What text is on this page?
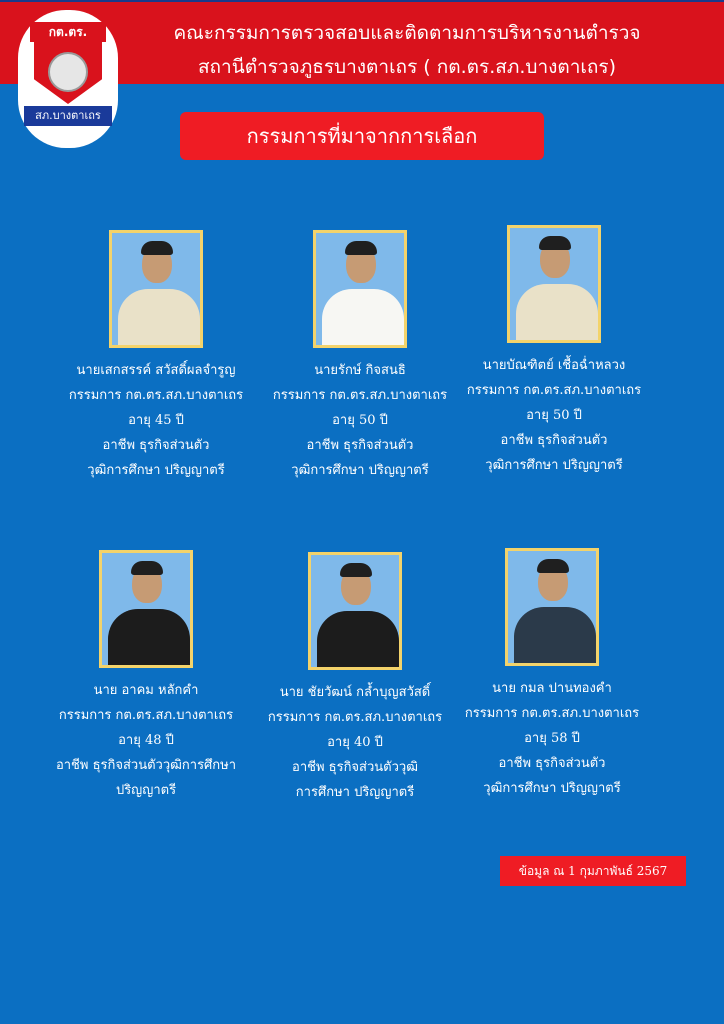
คณะกรรมการตรวจสอบและติดตามการบริหารงานตำรวจ
สถานีตำรวจภูธรบางตาเถร ( กต.ตร.สภ.บางตาเถร)
กต.ตร.
สภ.บางตาเถร
กรรมการที่มาจากการเลือก
นายเสกสรรค์ สวัสดิ์ผลจำรูญ
กรรมการ กต.ตร.สภ.บางตาเถร
อายุ 45 ปี
อาชีพ ธุรกิจส่วนตัว
วุฒิการศึกษา ปริญญาตรี
นายรักษ์ กิจสนธิ
กรรมการ กต.ตร.สภ.บางตาเถร
อายุ 50 ปี
อาชีพ ธุรกิจส่วนตัว
วุฒิการศึกษา ปริญญาตรี
นายบัณฑิตย์ เชื้อฉ่ำหลวง
กรรมการ กต.ตร.สภ.บางตาเถร
อายุ 50 ปี
อาชีพ ธุรกิจส่วนตัว
วุฒิการศึกษา ปริญญาตรี
นาย อาคม หลักคำ
กรรมการ กต.ตร.สภ.บางตาเถร
อายุ 48 ปี
อาชีพ ธุรกิจส่วนตัววุฒิการศึกษา
ปริญญาตรี
นาย ชัยวัฒน์ กล้ำบุญสวัสดิ์
กรรมการ กต.ตร.สภ.บางตาเถร
อายุ 40 ปี
อาชีพ ธุรกิจส่วนตัววุฒิ
การศึกษา ปริญญาตรี
นาย กมล ปานทองคำ
กรรมการ กต.ตร.สภ.บางตาเถร
อายุ 58 ปี
อาชีพ ธุรกิจส่วนตัว
วุฒิการศึกษา ปริญญาตรี
ข้อมูล ณ 1 กุมภาพันธ์ 2567
